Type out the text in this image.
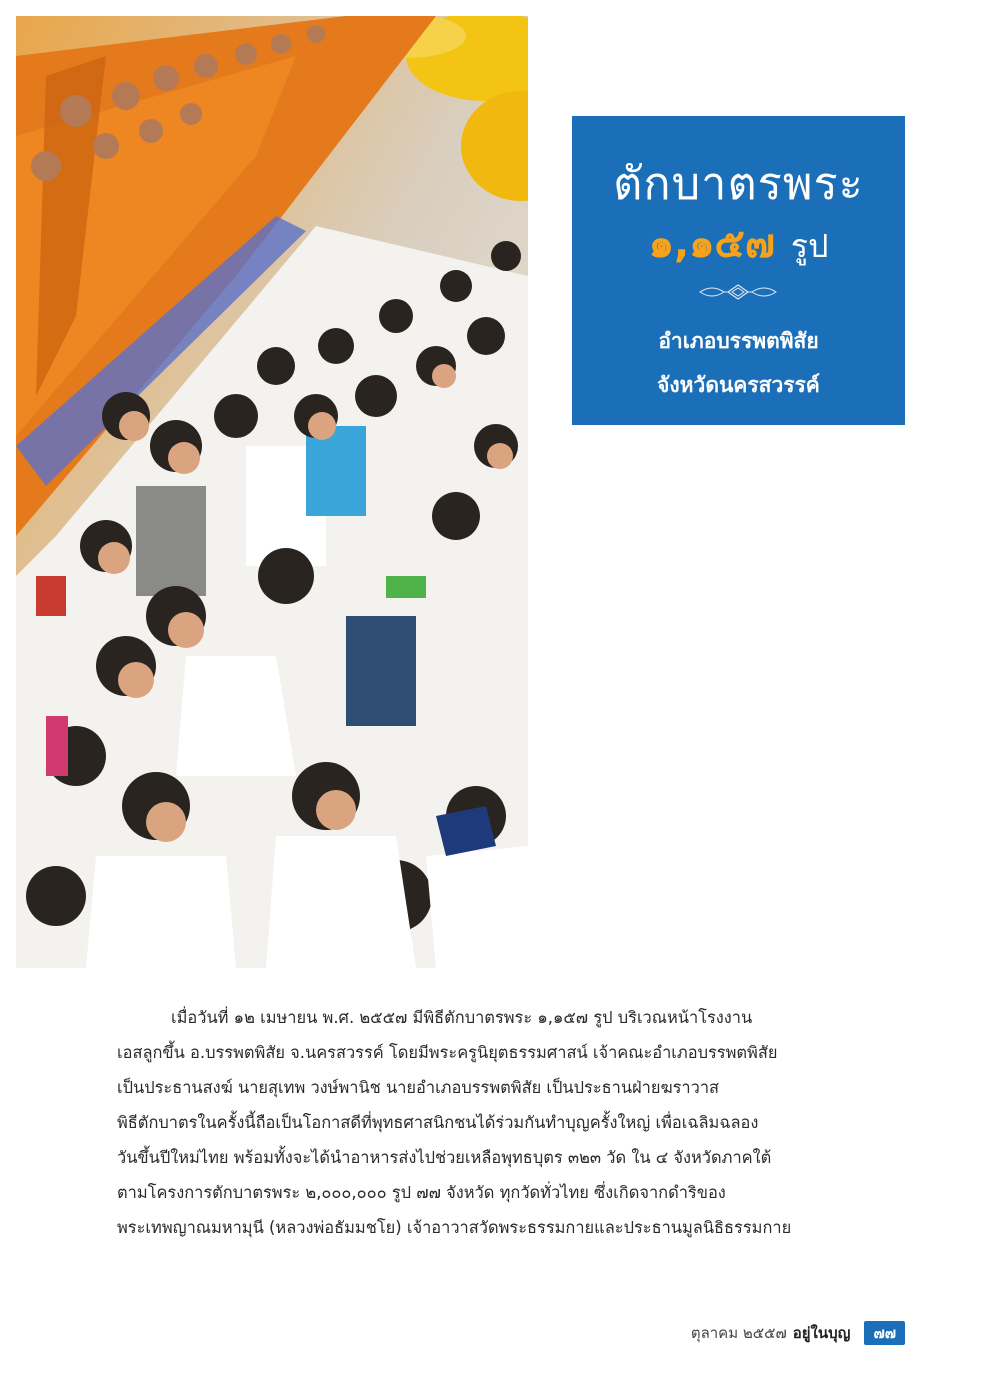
ตักบาตรพระ
๑,๑๕๗ รูป
อำเภอบรรพตพิสัย
จังหวัดนครสวรรค์

เมื่อวันที่ ๑๒ เมษายน พ.ศ. ๒๕๕๗ มีพิธีตักบาตรพระ ๑,๑๕๗ รูป บริเวณหน้าโรงงาน
เอสลูกขึ้น อ.บรรพตพิสัย จ.นครสวรรค์ โดยมีพระครูนิยุตธรรมศาสน์ เจ้าคณะอำเภอบรรพตพิสัย
เป็นประธานสงฆ์ นายสุเทพ วงษ์พานิช นายอำเภอบรรพตพิสัย เป็นประธานฝ่ายฆราวาส
พิธีตักบาตรในครั้งนี้ถือเป็นโอกาสดีที่พุทธศาสนิกชนได้ร่วมกันทำบุญครั้งใหญ่ เพื่อเฉลิมฉลอง
วันขึ้นปีใหม่ไทย พร้อมทั้งจะได้นำอาหารส่งไปช่วยเหลือพุทธบุตร ๓๒๓ วัด ใน ๔ จังหวัดภาคใต้
ตามโครงการตักบาตรพระ ๒,๐๐๐,๐๐๐ รูป ๗๗ จังหวัด ทุกวัดทั่วไทย ซึ่งเกิดจากดำริของ
พระเทพญาณมหามุนี (หลวงพ่อธัมมชโย) เจ้าอาวาสวัดพระธรรมกายและประธานมูลนิธิธรรมกาย

ตุลาคม ๒๕๕๗ อยู่ในบุญ	๗๗
